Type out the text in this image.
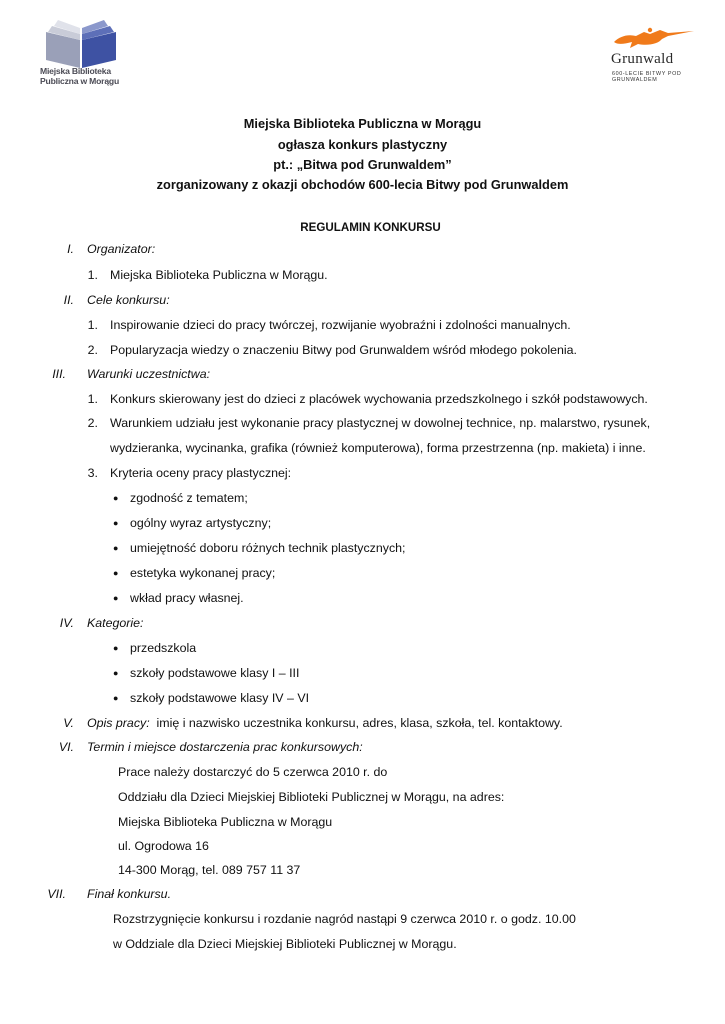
Miejska Biblioteka
Publiczna w Morągu
Grunwald
600-LECIE BITWY POD GRUNWALDEM
Miejska Biblioteka Publiczna w Morągu
ogłasza konkurs plastyczny
pt.: „Bitwa pod Grunwaldem”
zorganizowany z okazji obchodów 600-lecia Bitwy pod Grunwaldem
REGULAMIN KONKURSU
I. Organizator:
1. Miejska Biblioteka Publiczna w Morągu.
II. Cele konkursu:
1. Inspirowanie dzieci do pracy twórczej, rozwijanie wyobraźni i zdolności manualnych.
2. Popularyzacja wiedzy o znaczeniu Bitwy pod Grunwaldem wśród młodego pokolenia.
III. Warunki uczestnictwa:
1. Konkurs skierowany jest do dzieci z placówek wychowania przedszkolnego i szkół podstawowych.
2. Warunkiem udziału jest wykonanie pracy plastycznej w dowolnej technice, np. malarstwo, rysunek,
wydzieranka, wycinanka, grafika (również komputerowa), forma przestrzenna (np. makieta) i inne.
3. Kryteria oceny pracy plastycznej:
● zgodność z tematem;
● ogólny wyraz artystyczny;
● umiejętność doboru różnych technik plastycznych;
● estetyka wykonanej pracy;
● wkład pracy własnej.
IV. Kategorie:
● przedszkola
● szkoły podstawowe klasy I – III
● szkoły podstawowe klasy IV – VI
V. Opis pracy:  imię i nazwisko uczestnika konkursu, adres, klasa, szkoła, tel. kontaktowy.
VI. Termin i miejsce dostarczenia prac konkursowych:
Prace należy dostarczyć do 5 czerwca 2010 r. do
Oddziału dla Dzieci Miejskiej Biblioteki Publicznej w Morągu, na adres:
Miejska Biblioteka Publiczna w Morągu
ul. Ogrodowa 16
14-300 Morąg, tel. 089 757 11 37
VII. Finał konkursu.
Rozstrzygnięcie konkursu i rozdanie nagród nastąpi 9 czerwca 2010 r. o godz. 10.00
w Oddziale dla Dzieci Miejskiej Biblioteki Publicznej w Morągu.
